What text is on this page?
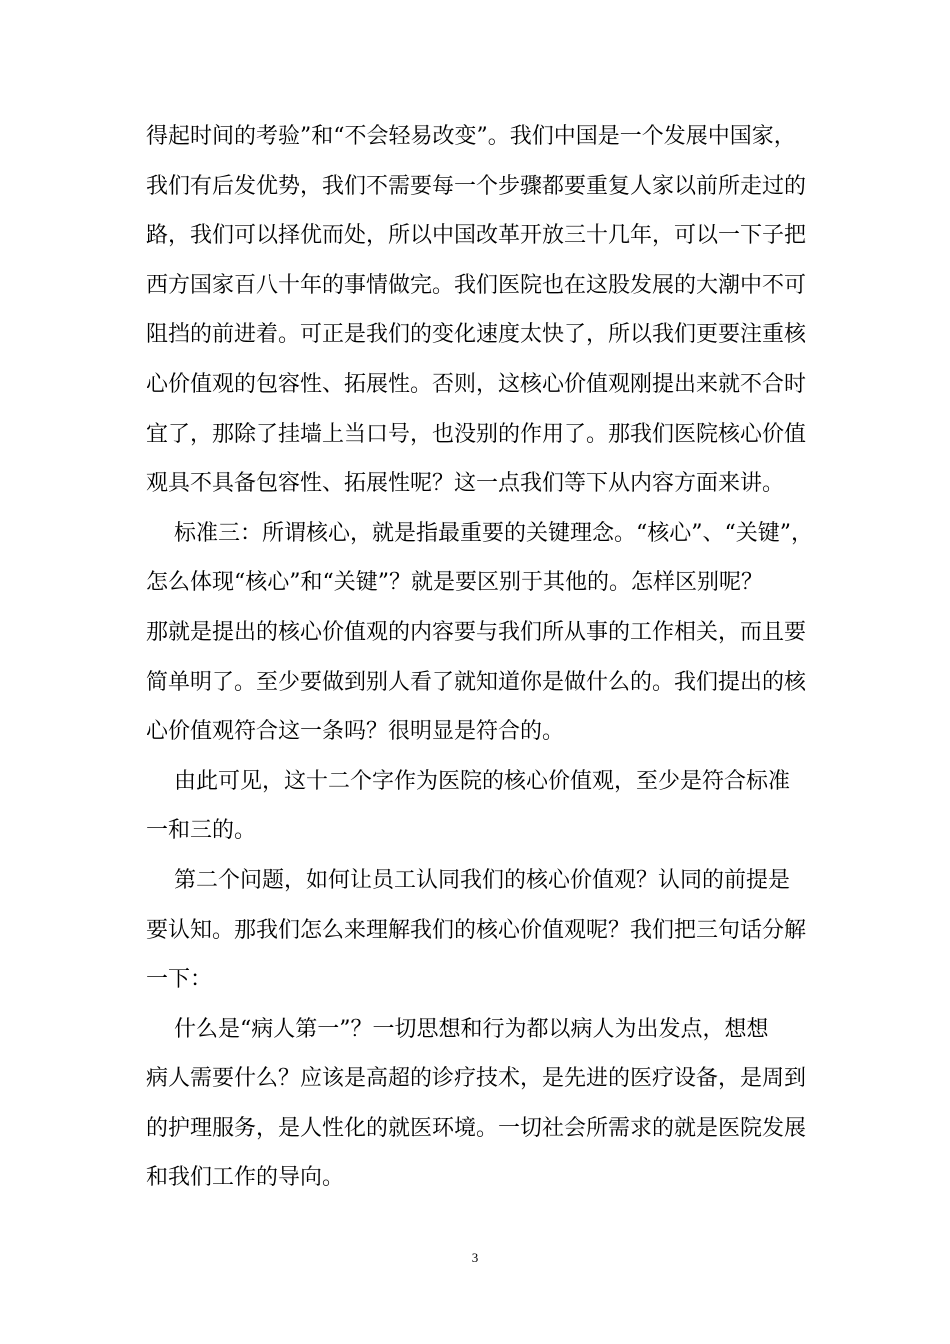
得起时间的考验”和“不会轻易改变”。我们中国是一个发展中国家，
我们有后发优势，我们不需要每一个步骤都要重复人家以前所走过的
路，我们可以择优而处，所以中国改革开放三十几年，可以一下子把
西方国家百八十年的事情做完。我们医院也在这股发展的大潮中不可
阻挡的前进着。可正是我们的变化速度太快了，所以我们更要注重核
心价值观的包容性、拓展性。否则，这核心价值观刚提出来就不合时
宜了，那除了挂墙上当口号，也没别的作用了。那我们医院核心价值
观具不具备包容性、拓展性呢？这一点我们等下从内容方面来讲。
标准三：所谓核心，就是指最重要的关键理念。“核心”、“关键”，
怎么体现“核心”和“关键”？就是要区别于其他的。怎样区别呢？
那就是提出的核心价值观的内容要与我们所从事的工作相关，而且要
简单明了。至少要做到别人看了就知道你是做什么的。我们提出的核
心价值观符合这一条吗？很明显是符合的。
由此可见，这十二个字作为医院的核心价值观，至少是符合标准
一和三的。
第二个问题，如何让员工认同我们的核心价值观？认同的前提是
要认知。那我们怎么来理解我们的核心价值观呢？我们把三句话分解
一下：
什么是“病人第一”？一切思想和行为都以病人为出发点，想想
病人需要什么？应该是高超的诊疗技术，是先进的医疗设备，是周到
的护理服务，是人性化的就医环境。一切社会所需求的就是医院发展
和我们工作的导向。
3
